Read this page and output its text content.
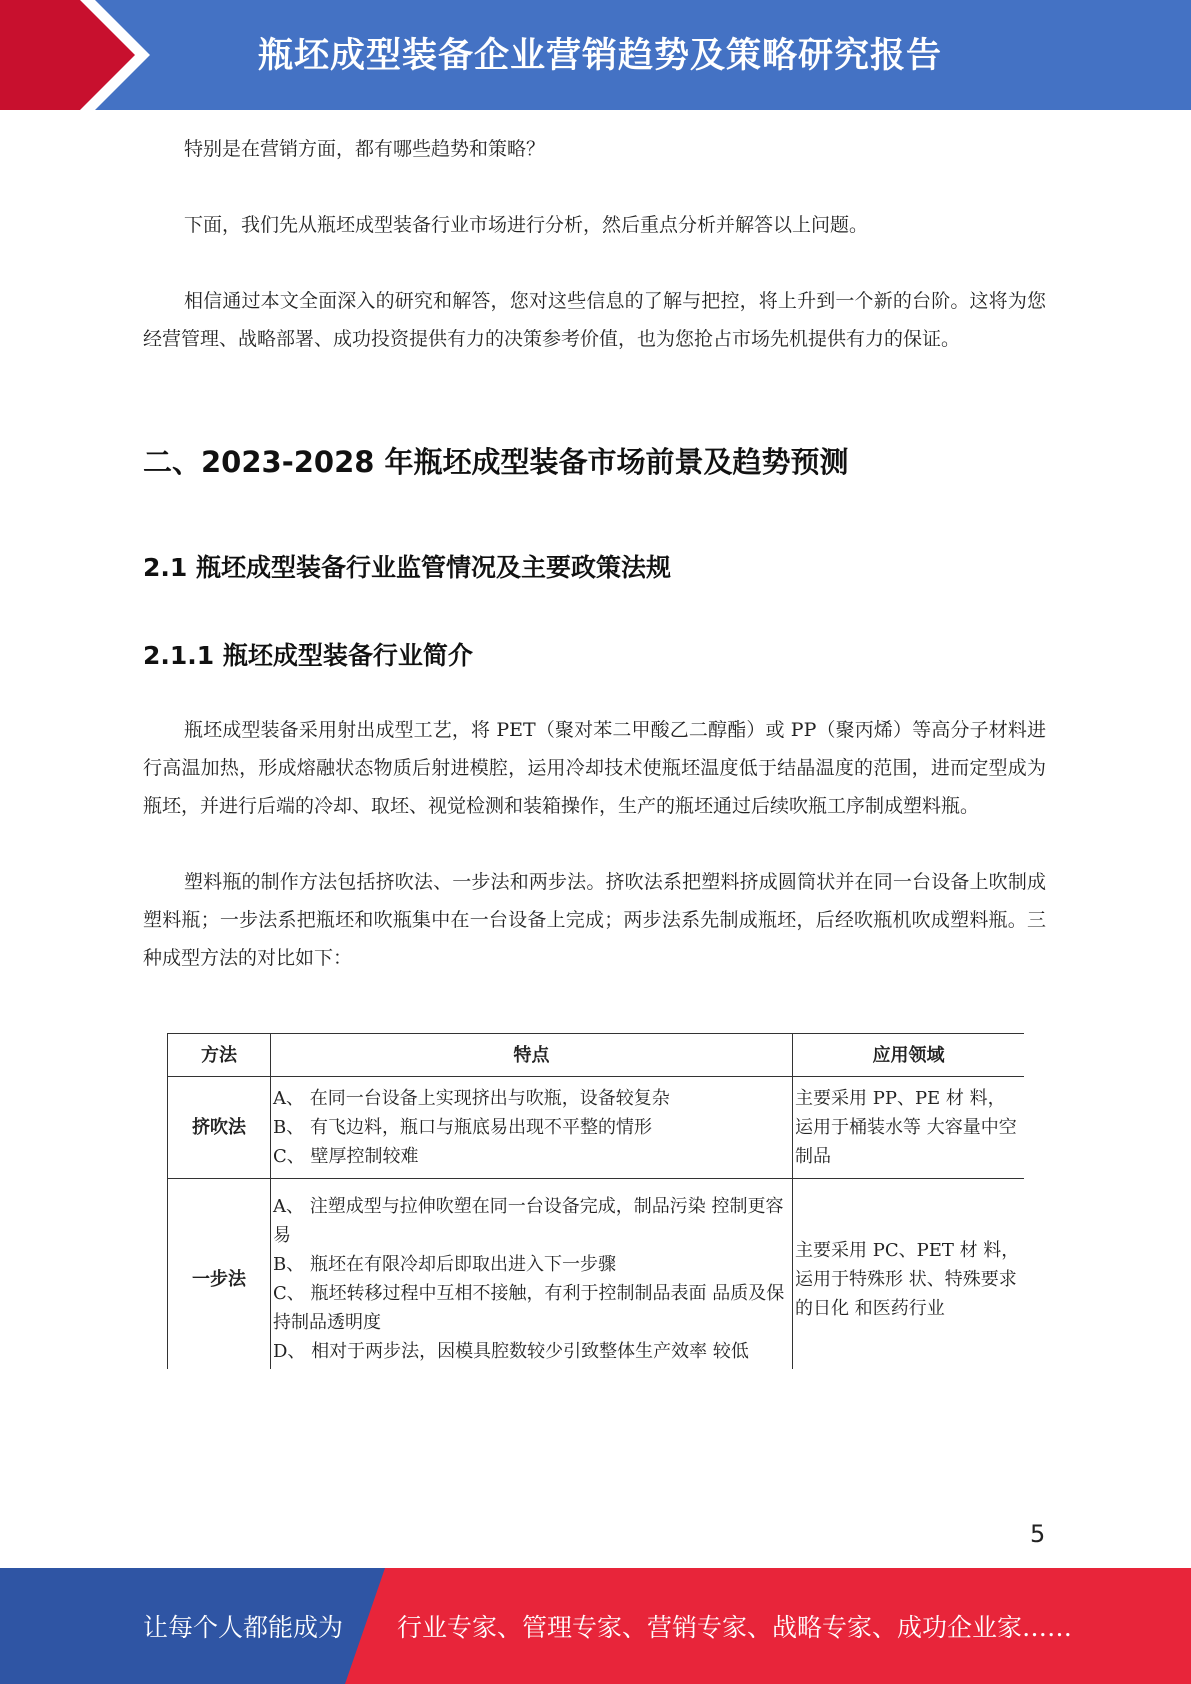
瓶坯成型装备企业营销趋势及策略研究报告

特别是在营销方面，都有哪些趋势和策略？

下面，我们先从瓶坯成型装备行业市场进行分析，然后重点分析并解答以上问题。

相信通过本文全面深入的研究和解答，您对这些信息的了解与把控，将上升到一个新的台阶。这将为您经营管理、战略部署、成功投资提供有力的决策参考价值，也为您抢占市场先机提供有力的保证。

二、2023-2028 年瓶坯成型装备市场前景及趋势预测
2.1 瓶坯成型装备行业监管情况及主要政策法规
2.1.1 瓶坯成型装备行业简介

瓶坯成型装备采用射出成型工艺，将 PET（聚对苯二甲酸乙二醇酯）或 PP（聚丙烯）等高分子材料进行高温加热，形成熔融状态物质后射进模腔，运用冷却技术使瓶坯温度低于结晶温度的范围，进而定型成为瓶坯，并进行后端的冷却、取坯、视觉检测和装箱操作，生产的瓶坯通过后续吹瓶工序制成塑料瓶。

塑料瓶的制作方法包括挤吹法、一步法和两步法。挤吹法系把塑料挤成圆筒状并在同一台设备上吹制成塑料瓶；一步法系把瓶坯和吹瓶集中在一台设备上完成；两步法系先制成瓶坯，后经吹瓶机吹成塑料瓶。三种成型方法的对比如下：

方法	特点	应用领域
挤吹法	A、 在同一台设备上实现挤出与吹瓶，设备较复杂
B、 有飞边料，瓶口与瓶底易出现不平整的情形
C、 壁厚控制较难	主要采用 PP、PE 材 料，运用于桶装水等 大容量中空制品
一步法	A、 注塑成型与拉伸吹塑在同一台设备完成，制品污染 控制更容易
B、 瓶坯在有限冷却后即取出进入下一步骤
C、 瓶坯转移过程中互相不接触，有利于控制制品表面 品质及保持制品透明度
D、 相对于两步法，因模具腔数较少引致整体生产效率 较低	主要采用 PC、PET 材 料，运用于特殊形 状、特殊要求的日化 和医药行业
5
让每个人都能成为 行业专家、管理专家、营销专家、战略专家、成功企业家……
